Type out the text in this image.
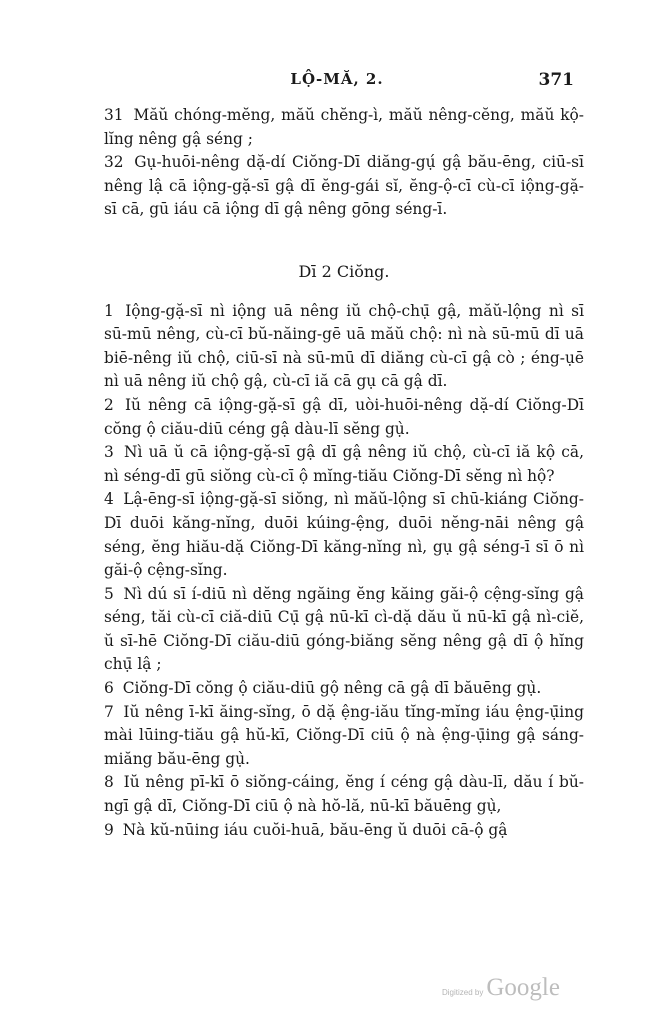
LỘ-MĂ, 2.	371

31 Măŭ chóng-mĕng, măŭ chĕng-ì, măŭ nêng-cĕng, măŭ kộ-lĭng nêng gậ séng ;

32 Gụ-huōi-nêng dặ-dí Ciŏng-Dī diăng-gụ́ gậ bău-ēng, ciū-sī nêng lậ cā iộng-gặ-sī gậ dī ĕng-gái sĭ, ĕng-ộ-cī cù-cī iộng-gặ-sī cā, gū iáu cā iộng dī gậ nêng gōng séng-ī.

Dī 2 Ciŏng.

1 Iộng-gặ-sī nì iộng uā nêng iŭ chộ-chụ̄ gậ, măŭ-lộng nì sī sū-mū nêng, cù-cī bŭ-năing-gē uā măŭ chộ: nì nà sū-mū dī uā biē-nêng iŭ chộ, ciū-sī nà sū-mū dī diăng cù-cī gậ cò ; éng-ụē nì uā nêng iŭ chộ gậ, cù-cī iă cā gụ cā gậ dī.

2 Iŭ nêng cā iộng-gặ-sī gậ dī, uòi-huōi-nêng dặ-dí Ciŏng-Dī cŏng ộ ciău-diū céng gậ dàu-lī sĕng gụ̀.

3 Nì uā ŭ cā iộng-gặ-sī gậ dī gậ nêng iŭ chộ, cù-cī iă kộ cā, nì séng-dī gū siŏng cù-cī ộ mĭng-tiău Ciŏng-Dī sĕng nì hộ?

4 Lậ-ēng-sī iộng-gặ-sī siŏng, nì măŭ-lộng sī chū-kiáng Ciŏng-Dī duōi kăng-nĭng, duōi kúing-ệng, duōi nĕng-nāi nêng gậ séng, ĕng hiău-dặ Ciŏng-Dī kăng-nĭng nì, gụ gậ séng-ī sī ō nì găi-ộ cệng-sĭng.

5 Nì dú sī í-diū nì dĕng ngăing ĕng kăing găi-ộ cệng-sĭng gậ séng, tăi cù-cī ciă-diū Cụ̄ gậ nū-kī cì-dặ dău ŭ nū-kī gậ nì-ciĕ, ŭ sī-hē Ciŏng-Dī ciău-diū góng-biăng sĕng nêng gậ dī ộ hĭng chụ̄ lậ ;

6 Ciŏng-Dī cŏng ộ ciău-diū gộ nêng cā gậ dī băuēng gụ̀.

7 Iŭ nêng ī-kī ăing-sĭng, ō dặ ệng-iău tĭng-mĭng iáu ệng-ụ̄ing mài lūing-tiău gậ hŭ-kī, Ciŏng-Dī ciū ộ nà ệng-ụ̄ing gậ sáng-miăng bău-ēng gụ̀.

8 Iŭ nêng pī-kī ō siŏng-cáing, ĕng í céng gậ dàu-lī, dău í bŭ-ngī gậ dī, Ciŏng-Dī ciū ộ nà hŏ-lă, nū-kī băuēng gụ̀,

9 Nà kŭ-nūing iáu cuŏi-huā, bău-ēng ŭ duōi cā-ộ gậ

Digitized by Google
